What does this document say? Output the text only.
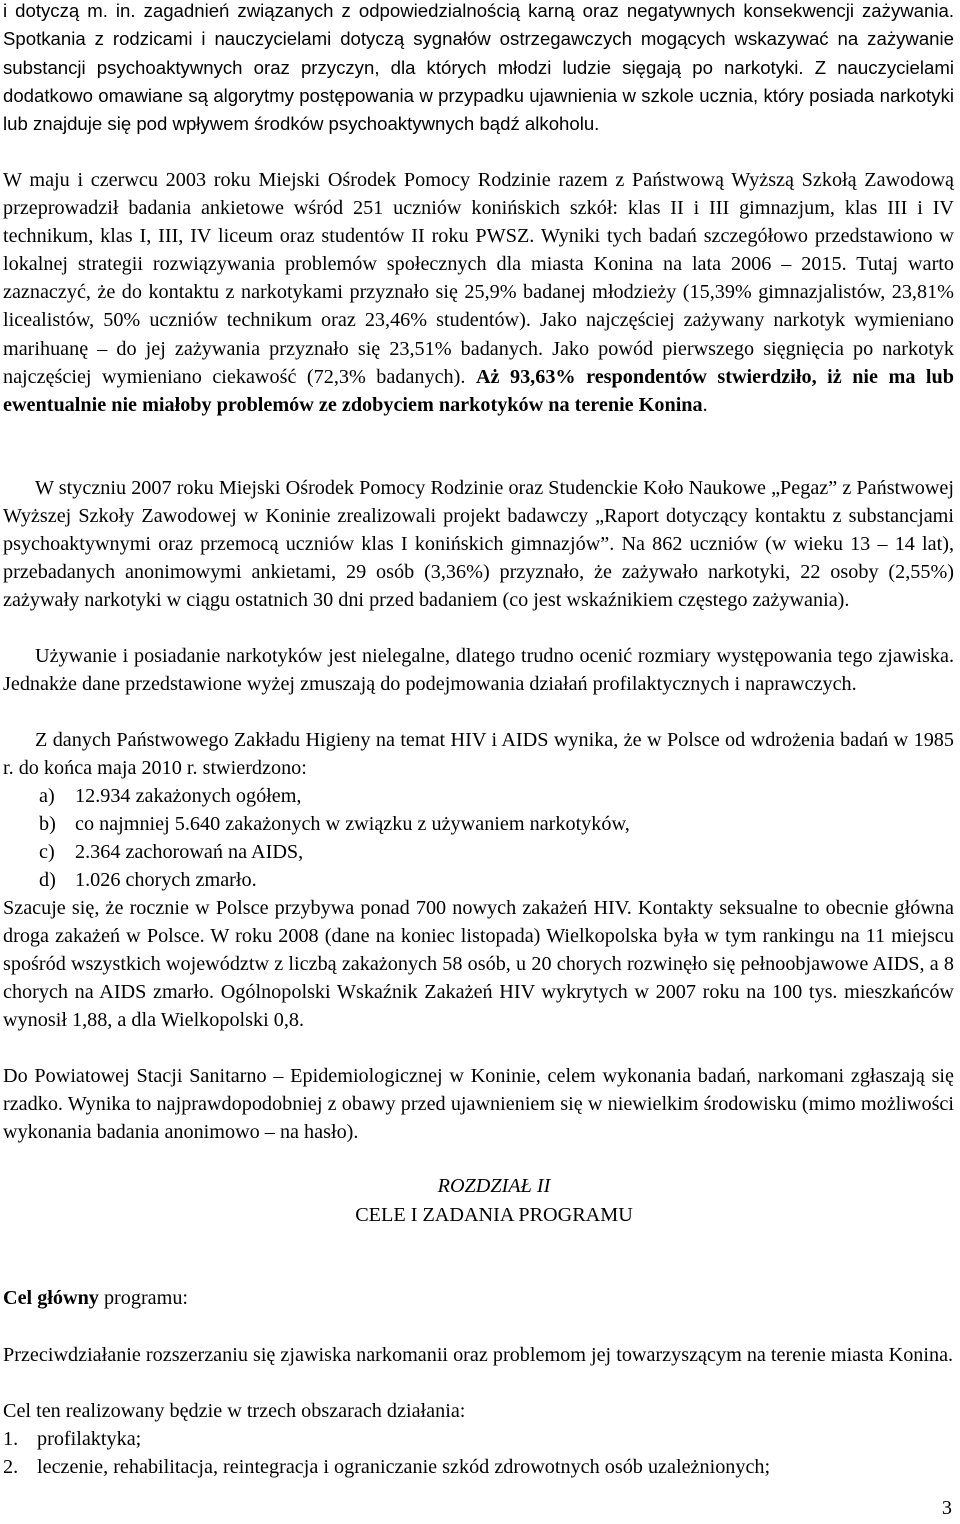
i dotyczą m. in. zagadnień związanych z odpowiedzialnością karną oraz negatywnych konsekwencji zażywania. Spotkania z rodzicami i nauczycielami dotyczą sygnałów ostrzegawczych mogących wskazywać na zażywanie substancji psychoaktywnych oraz przyczyn, dla których młodzi ludzie sięgają po narkotyki. Z nauczycielami dodatkowo omawiane są algorytmy postępowania w przypadku ujawnienia w szkole ucznia, który posiada narkotyki lub znajduje się pod wpływem środków psychoaktywnych bądź alkoholu.

W maju i czerwcu 2003 roku Miejski Ośrodek Pomocy Rodzinie razem z Państwową Wyższą Szkołą Zawodową przeprowadził badania ankietowe wśród 251 uczniów konińskich szkół: klas II i III gimnazjum, klas III i IV technikum, klas I, III, IV liceum oraz studentów II roku PWSZ. Wyniki tych badań szczegółowo przedstawiono w lokalnej strategii rozwiązywania problemów społecznych dla miasta Konina na lata 2006 – 2015. Tutaj warto zaznaczyć, że do kontaktu z narkotykami przyznało się 25,9% badanej młodzieży (15,39% gimnazjalistów, 23,81% licealistów, 50% uczniów technikum oraz 23,46% studentów). Jako najczęściej zażywany narkotyk wymieniano marihuanę – do jej zażywania przyznało się 23,51% badanych. Jako powód pierwszego sięgnięcia po narkotyk najczęściej wymieniano ciekawość (72,3% badanych). Aż 93,63% respondentów stwierdziło, iż nie ma lub ewentualnie nie miałoby problemów ze zdobyciem narkotyków na terenie Konina.

W styczniu 2007 roku Miejski Ośrodek Pomocy Rodzinie oraz Studenckie Koło Naukowe „Pegaz” z Państwowej Wyższej Szkoły Zawodowej w Koninie zrealizowali projekt badawczy „Raport dotyczący kontaktu z substancjami psychoaktywnymi oraz przemocą uczniów klas I konińskich gimnazjów”. Na 862 uczniów (w wieku 13 – 14 lat), przebadanych anonimowymi ankietami, 29 osób (3,36%) przyznało, że zażywało narkotyki, 22 osoby (2,55%) zażywały narkotyki w ciągu ostatnich 30 dni przed badaniem (co jest wskaźnikiem częstego zażywania).

Używanie i posiadanie narkotyków jest nielegalne, dlatego trudno ocenić rozmiary występowania tego zjawiska. Jednakże dane przedstawione wyżej zmuszają do podejmowania działań profilaktycznych i naprawczych.

Z danych Państwowego Zakładu Higieny na temat HIV i AIDS wynika, że w Polsce od wdrożenia badań w 1985 r. do końca maja 2010 r. stwierdzono:

a)	12.934 zakażonych ogółem,
b) co najmniej 5.640 zakażonych w związku z używaniem narkotyków,
c)	2.364 zachorowań na AIDS,
d) 1.026 chorych zmarło.

Szacuje się, że rocznie w Polsce przybywa ponad 700 nowych zakażeń HIV. Kontakty seksualne to obecnie główna droga zakażeń w Polsce. W roku 2008 (dane na koniec listopada) Wielkopolska była w tym rankingu na 11 miejscu spośród wszystkich województw z liczbą zakażonych 58 osób, u 20 chorych rozwinęło się pełnoobjawowe AIDS, a 8 chorych na AIDS zmarło. Ogólnopolski Wskaźnik Zakażeń HIV wykrytych w 2007 roku na 100 tys. mieszkańców wynosił 1,88, a dla Wielkopolski 0,8.

Do Powiatowej Stacji Sanitarno – Epidemiologicznej w Koninie, celem wykonania badań, narkomani zgłaszają się rzadko. Wynika to najprawdopodobniej z obawy przed ujawnieniem się w niewielkim środowisku (mimo możliwości wykonania badania anonimowo – na hasło).

ROZDZIAŁ II

CELE I ZADANIA PROGRAMU

Cel główny programu:

Przeciwdziałanie rozszerzaniu się zjawiska narkomanii oraz problemom jej towarzyszącym na terenie miasta Konina.

Cel ten realizowany będzie w trzech obszarach działania:

1. profilaktyka;
2. leczenie, rehabilitacja, reintegracja i ograniczanie szkód zdrowotnych osób uzależnionych;
3
